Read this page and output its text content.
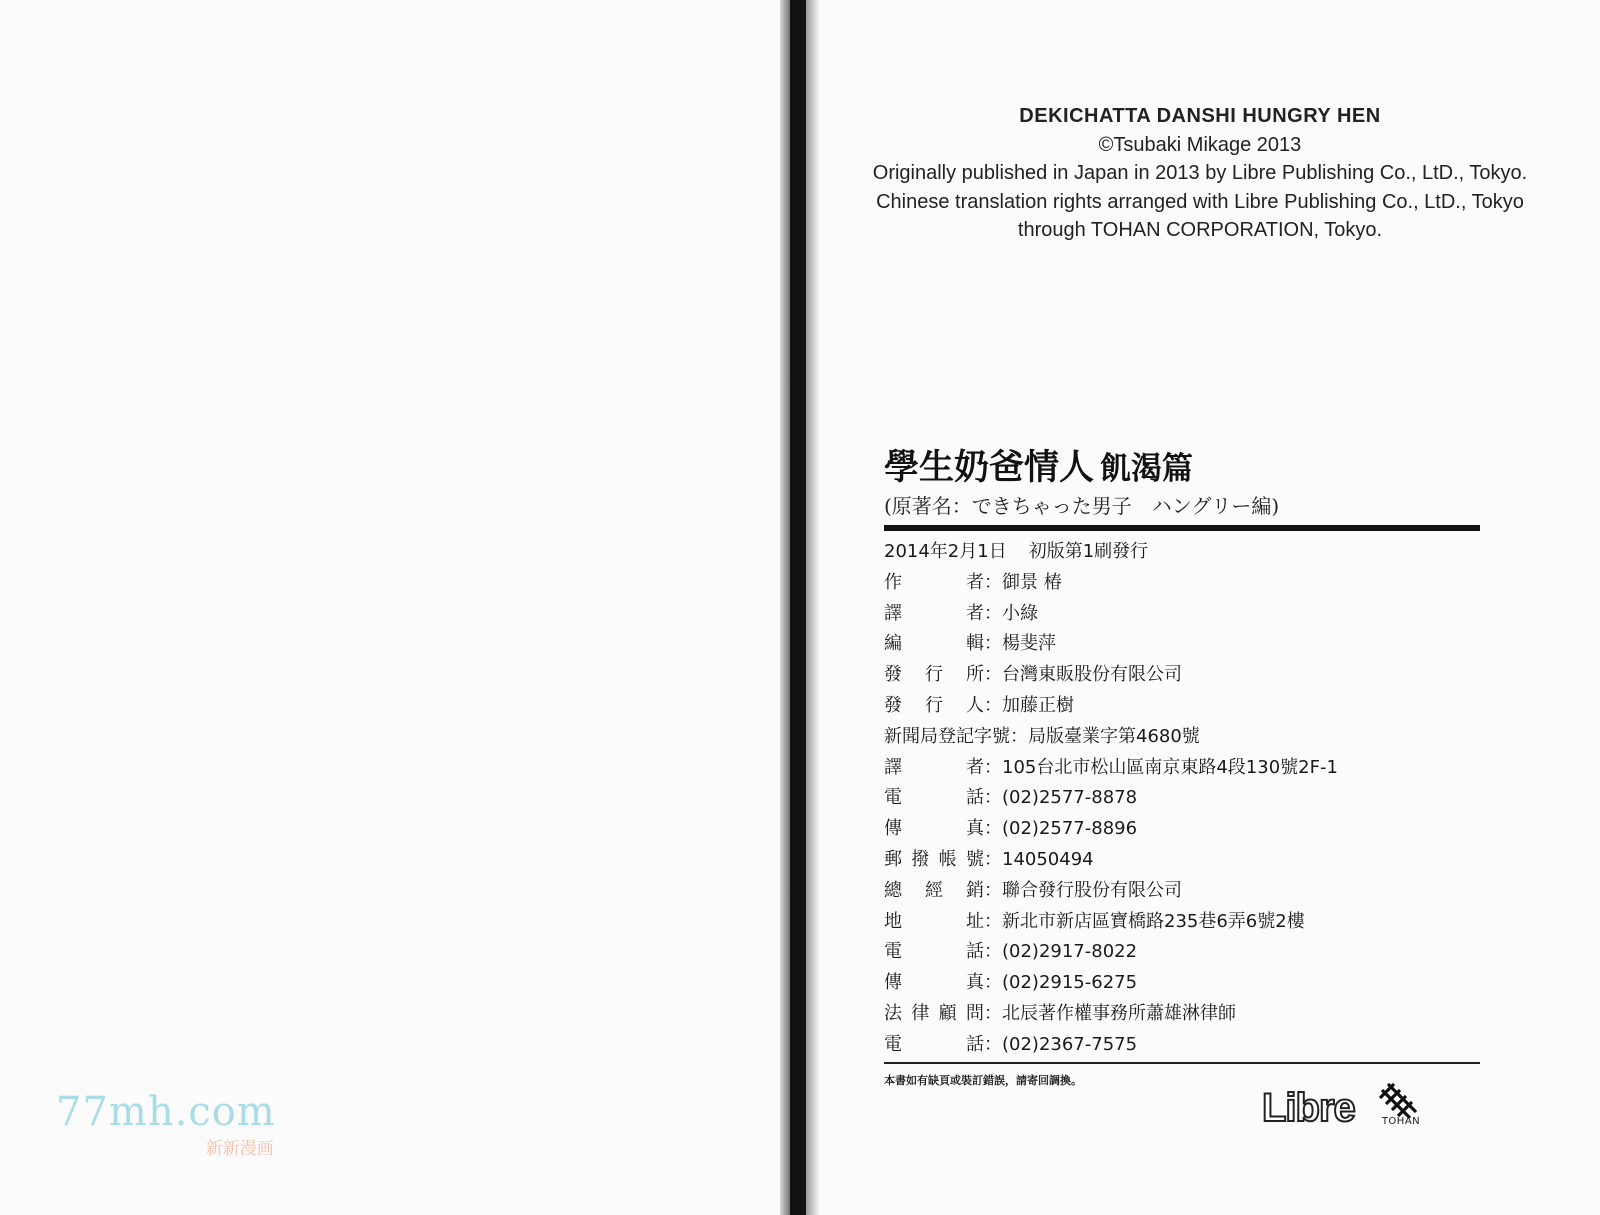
77mh.com
新新漫画
DEKICHATTA DANSHI HUNGRY HEN
©Tsubaki Mikage 2013
Originally published in Japan in 2013 by Libre Publishing Co., LtD., Tokyo.
Chinese translation rights arranged with Libre Publishing Co., LtD., Tokyo
through TOHAN CORPORATION, Tokyo.
學生奶爸情人 飢渴篇
(原著名：できちゃった男子　ハングリー編)
2014年2月1日 初版第1刷發行
作者 ： 御景 椿
譯者 ： 小綠
編輯 ： 楊斐萍
發行所 ： 台灣東販股份有限公司
發行人 ： 加藤正樹
新聞局登記字號 ： 局版臺業字第4680號
譯者 ： 105台北市松山區南京東路4段130號2F-1
電話 ： (02)2577-8878
傳真 ： (02)2577-8896
郵撥帳號 ： 14050494
總經銷 ： 聯合發行股份有限公司
地址 ： 新北市新店區寶橋路235巷6弄6號2樓
電話 ： (02)2917-8022
傳真 ： (02)2915-6275
法律顧問 ： 北辰著作權事務所蕭雄淋律師
電話 ： (02)2367-7575
本書如有缺頁或裝訂錯誤，請寄回調換。
Libre	TOHAN
